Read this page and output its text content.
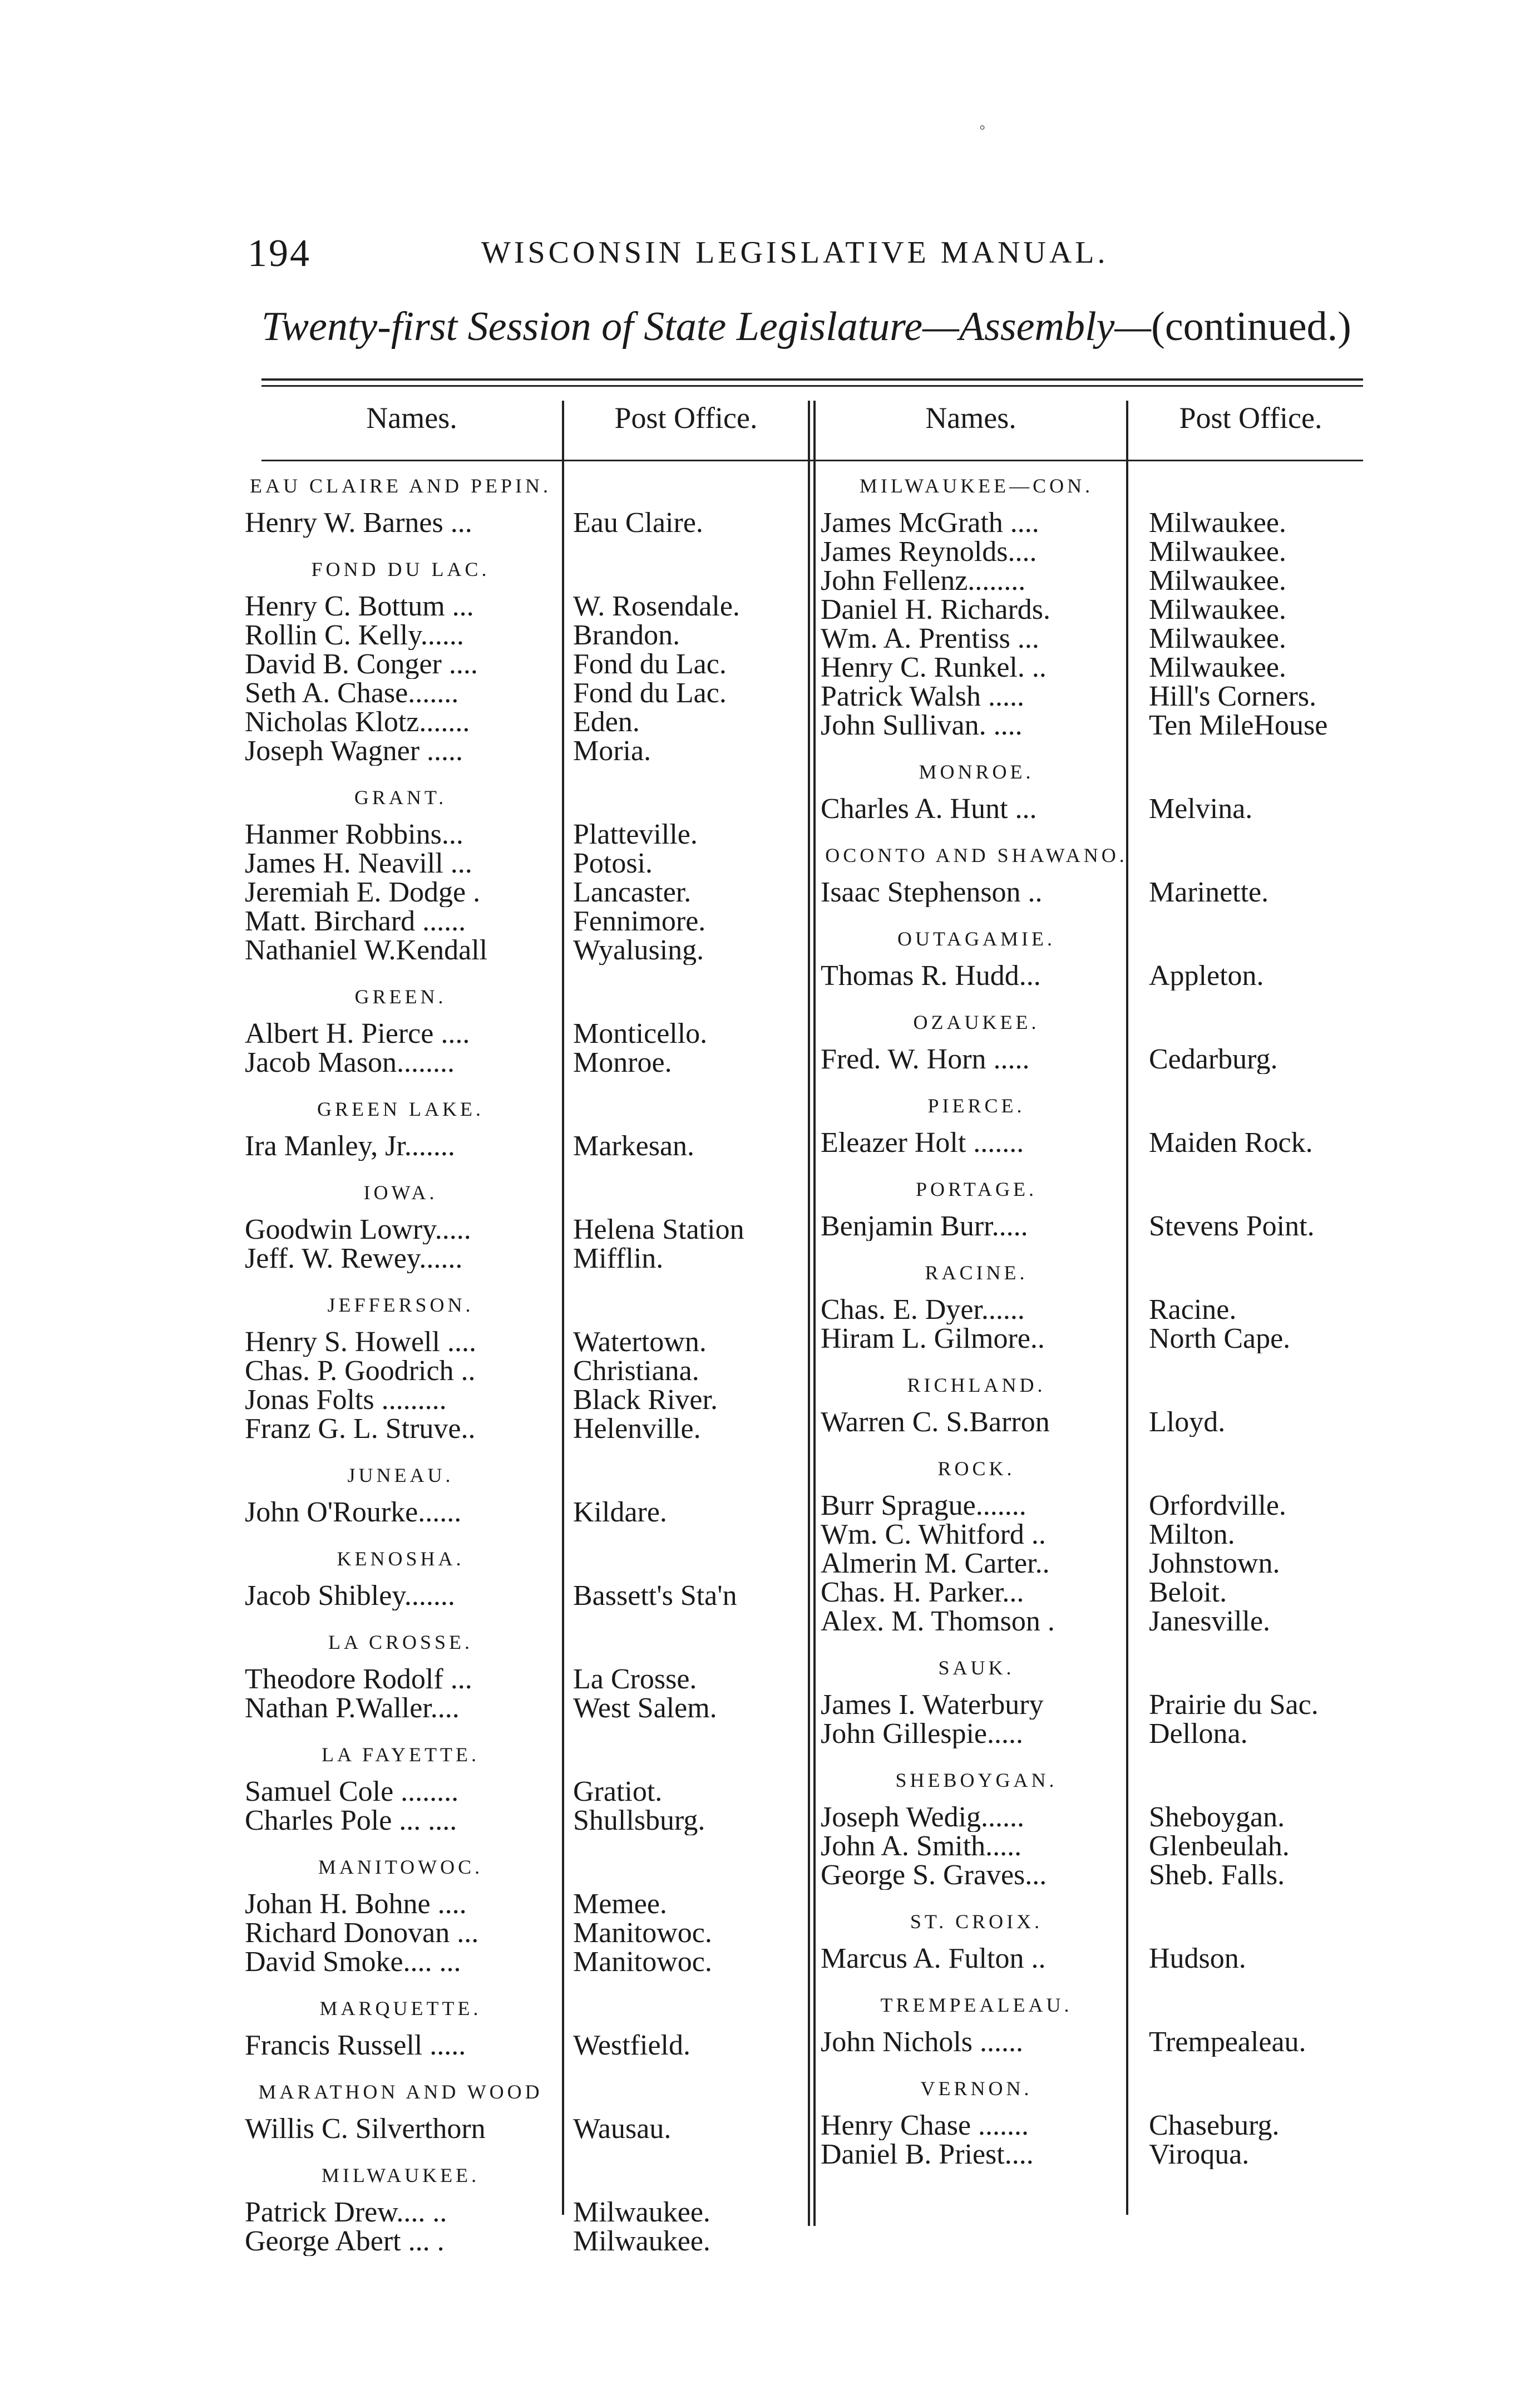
◦
194	WISCONSIN LEGISLATIVE MANUAL.
Twenty-first Session of State Legislature—Assembly—(continued.)
Names.	Post Office.	Names.	Post Office.
EAU CLAIRE AND PEPIN.
Henry W. Barnes ...	Eau Claire.
FOND DU LAC.
Henry C. Bottum ...	W. Rosendale.
Rollin C. Kelly......	Brandon.
David B. Conger ....	Fond du Lac.
Seth A. Chase.......	Fond du Lac.
Nicholas Klotz.......	Eden.
Joseph Wagner .....	Moria.
GRANT.
Hanmer Robbins...	Platteville.
James H. Neavill ...	Potosi.
Jeremiah E. Dodge .	Lancaster.
Matt. Birchard ......	Fennimore.
Nathaniel W.Kendall	Wyalusing.
GREEN.
Albert H. Pierce ....	Monticello.
Jacob Mason........	Monroe.
GREEN LAKE.
Ira Manley, Jr.......	Markesan.
IOWA.
Goodwin Lowry.....	Helena Station
Jeff. W. Rewey......	Mifflin.
JEFFERSON.
Henry S. Howell ....	Watertown.
Chas. P. Goodrich ..	Christiana.
Jonas Folts .........	Black River.
Franz G. L. Struve..	Helenville.
JUNEAU.
John O'Rourke......	Kildare.
KENOSHA.
Jacob Shibley.......	Bassett's Sta'n
LA CROSSE.
Theodore Rodolf ...	La Crosse.
Nathan P.Waller....	West Salem.
LA FAYETTE.
Samuel Cole ........	Gratiot.
Charles Pole ... ....	Shullsburg.
MANITOWOC.
Johan H. Bohne ....	Memee.
Richard Donovan ...	Manitowoc.
David Smoke.... ...	Manitowoc.
MARQUETTE.
Francis Russell .....	Westfield.
MARATHON AND WOOD
Willis C. Silverthorn	Wausau.
MILWAUKEE.
Patrick Drew.... ..	Milwaukee.
George Abert ... .	Milwaukee.
MILWAUKEE—CON.
James McGrath ....	Milwaukee.
James Reynolds....	Milwaukee.
John Fellenz........	Milwaukee.
Daniel H. Richards.	Milwaukee.
Wm. A. Prentiss ...	Milwaukee.
Henry C. Runkel. ..	Milwaukee.
Patrick Walsh .....	Hill's Corners.
John Sullivan. ....	Ten MileHouse
MONROE.
Charles A. Hunt ...	Melvina.
OCONTO AND SHAWANO.
Isaac Stephenson ..	Marinette.
OUTAGAMIE.
Thomas R. Hudd...	Appleton.
OZAUKEE.
Fred. W. Horn .....	Cedarburg.
PIERCE.
Eleazer Holt .......	Maiden Rock.
PORTAGE.
Benjamin Burr.....	Stevens Point.
RACINE.
Chas. E. Dyer......	Racine.
Hiram L. Gilmore..	North Cape.
RICHLAND.
Warren C. S.Barron	Lloyd.
ROCK.
Burr Sprague.......	Orfordville.
Wm. C. Whitford ..	Milton.
Almerin M. Carter..	Johnstown.
Chas. H. Parker...	Beloit.
Alex. M. Thomson .	Janesville.
SAUK.
James I. Waterbury	Prairie du Sac.
John Gillespie.....	Dellona.
SHEBOYGAN.
Joseph Wedig......	Sheboygan.
John A. Smith.....	Glenbeulah.
George S. Graves...	Sheb. Falls.
ST. CROIX.
Marcus A. Fulton ..	Hudson.
TREMPEALEAU.
John Nichols ......	Trempealeau.
VERNON.
Henry Chase .......	Chaseburg.
Daniel B. Priest....	Viroqua.
